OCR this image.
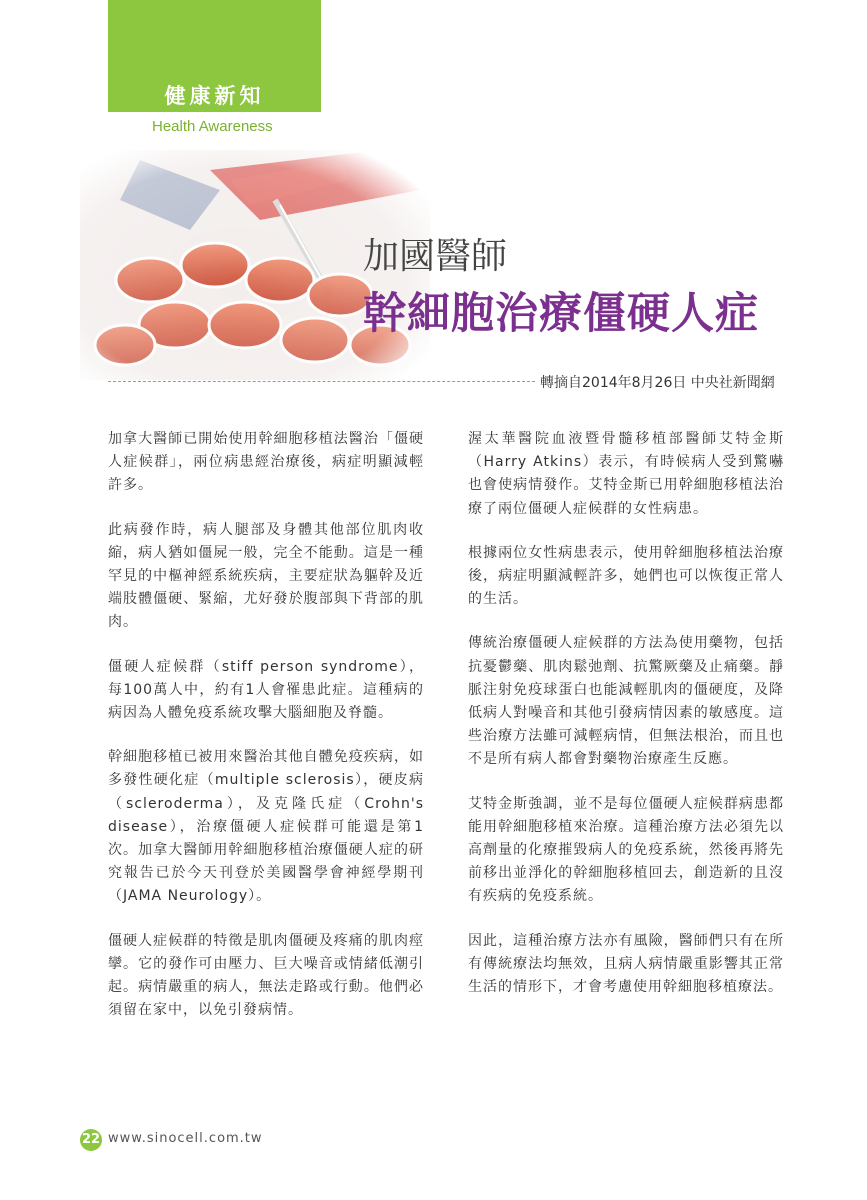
健康新知
Health Awareness
加國醫師
幹細胞治療僵硬人症
轉摘自2014年8月26日 中央社新聞網

加拿大醫師已開始使用幹細胞移植法醫治「僵硬人症候群」，兩位病患經治療後，病症明顯減輕許多。

此病發作時，病人腿部及身體其他部位肌肉收縮，病人猶如僵屍一般，完全不能動。這是一種罕見的中樞神經系統疾病，主要症狀為軀幹及近端肢體僵硬、緊縮，尤好發於腹部與下背部的肌肉。

僵硬人症候群（stiff person syndrome），每100萬人中，約有1人會罹患此症。這種病的病因為人體免疫系統攻擊大腦細胞及脊髓。

幹細胞移植已被用來醫治其他自體免疫疾病，如多發性硬化症（multiple sclerosis），硬皮病（scleroderma），及克隆氏症（Crohn's disease），治療僵硬人症候群可能還是第1次。加拿大醫師用幹細胞移植治療僵硬人症的研究報告已於今天刊登於美國醫學會神經學期刊（JAMA Neurology）。

僵硬人症候群的特徵是肌肉僵硬及疼痛的肌肉痙攣。它的發作可由壓力、巨大噪音或情緒低潮引起。病情嚴重的病人，無法走路或行動。他們必須留在家中，以免引發病情。

渥太華醫院血液暨骨髓移植部醫師艾特金斯（Harry Atkins）表示，有時候病人受到驚嚇也會使病情發作。艾特金斯已用幹細胞移植法治療了兩位僵硬人症候群的女性病患。

根據兩位女性病患表示，使用幹細胞移植法治療後，病症明顯減輕許多，她們也可以恢復正常人的生活。

傳統治療僵硬人症候群的方法為使用藥物，包括抗憂鬱藥、肌肉鬆弛劑、抗驚厥藥及止痛藥。靜脈注射免疫球蛋白也能減輕肌肉的僵硬度，及降低病人對噪音和其他引發病情因素的敏感度。這些治療方法雖可減輕病情，但無法根治，而且也不是所有病人都會對藥物治療產生反應。

艾特金斯強調，並不是每位僵硬人症候群病患都能用幹細胞移植來治療。這種治療方法必須先以高劑量的化療摧毀病人的免疫系統，然後再將先前移出並淨化的幹細胞移植回去，創造新的且沒有疾病的免疫系統。

因此，這種治療方法亦有風險，醫師們只有在所有傳統療法均無效，且病人病情嚴重影響其正常生活的情形下，才會考慮使用幹細胞移植療法。

22 www.sinocell.com.tw
